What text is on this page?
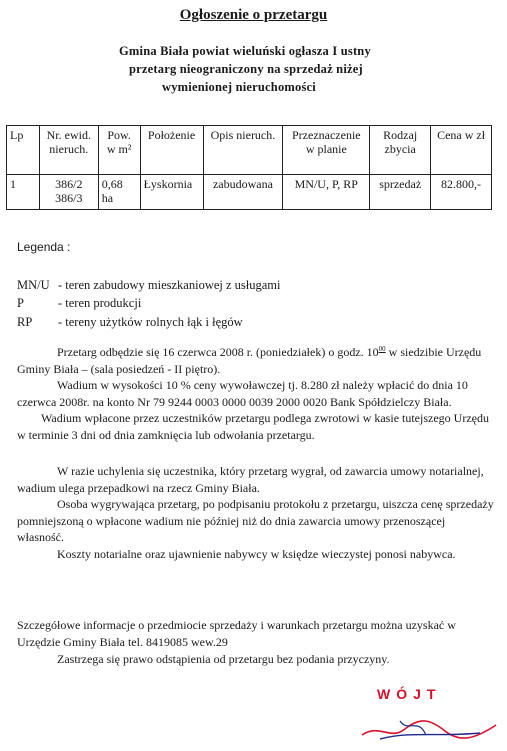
Ogłoszenie o przetargu
Gmina Biała powiat wieluński ogłasza I ustny
przetarg nieograniczony na sprzedaż niżej
wymienionej nieruchomości
Lp	Nr. ewid. nieruch.	Pow. w m²	Położenie	Opis nieruch.	Przeznaczenie w planie	Rodzaj zbycia	Cena w zł
1	386/2 386/3	0,68 ha	Łyskornia	zabudowana	MN/U, P, RP	sprzedaż	82.800,-
Legenda :
MN/U - teren zabudowy mieszkaniowej z usługami
P	- teren produkcji
RP - tereny użytków rolnych łąk i łęgów
Przetarg odbędzie się 16 czerwca 2008 r. (poniedziałek) o godz. $10^{00}$ w siedzibie Urzędu Gminy Biała – (sala posiedzeń - II piętro).
Wadium w wysokości 10 % ceny wywoławczej tj. 8.280 zł należy wpłacić do dnia 10 czerwca 2008r. na konto Nr 79 9244 0003 0000 0039 2000 0020 Bank Spółdzielczy Biała.
Wadium wpłacone przez uczestników przetargu podlega zwrotowi w kasie tutejszego Urzędu w terminie 3 dni od dnia zamknięcia lub odwołania przetargu.
W razie uchylenia się uczestnika, który przetarg wygrał, od zawarcia umowy notarialnej, wadium ulega przepadkowi na rzecz Gminy Biała.
Osoba wygrywająca przetarg, po podpisaniu protokołu z przetargu, uiszcza cenę sprzedaży pomniejszoną o wpłacone wadium nie później niż do dnia zawarcia umowy przenoszącej własność.
Koszty notarialne oraz ujawnienie nabywcy w księdze wieczystej ponosi nabywca.
Szczegółowe informacje o przedmiocie sprzedaży i warunkach przetargu można uzyskać w Urzędzie Gminy Biała tel. 8419085 wew.29
Zastrzega się prawo odstąpienia od przetargu bez podania przyczyny.
WÓJT
